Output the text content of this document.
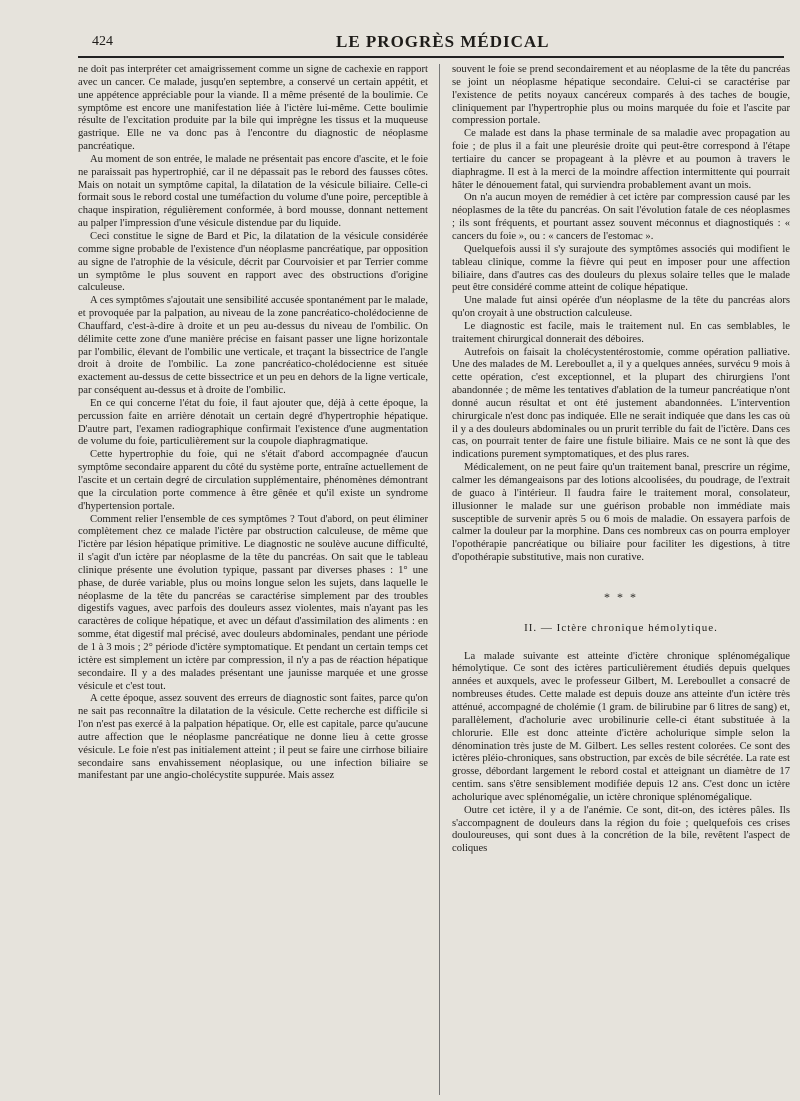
424	LE PROGRÈS MÉDICAL

ne doit pas interpréter cet amaigrissement comme un signe de cachexie en rapport avec un cancer. Ce malade, jusqu'en septembre, a conservé un certain appétit, et une appétence appréciable pour la viande. Il a même présenté de la boulimie. Ce symptôme est encore une manifestation liée à l'ictère lui-même. Cette boulimie résulte de l'excitation produite par la bile qui imprègne les tissus et la muqueuse gastrique. Elle ne va donc pas à l'encontre du diagnostic de néoplasme pancréatique.

Au moment de son entrée, le malade ne présentait pas encore d'ascite, et le foie ne paraissait pas hypertrophié, car il ne dépassait pas le rebord des fausses côtes. Mais on notait un symptôme capital, la dilatation de la vésicule biliaire. Celle-ci formait sous le rebord costal une tuméfaction du volume d'une poire, perceptible à chaque inspiration, régulièrement conformée, à bord mousse, donnant nettement au palper l'impression d'une vésicule distendue par du liquide.

Ceci constitue le signe de Bard et Pic, la dilatation de la vésicule considérée comme signe probable de l'existence d'un néoplasme pancréatique, par opposition au signe de l'atrophie de la vésicule, décrit par Courvoisier et par Terrier comme un symptôme le plus souvent en rapport avec des obstructions d'origine calculeuse.

A ces symptômes s'ajoutait une sensibilité accusée spontanément par le malade, et provoquée par la palpation, au niveau de la zone pancréatico-cholédocienne de Chauffard, c'est-à-dire à droite et un peu au-dessus du niveau de l'ombilic. On délimite cette zone d'une manière précise en faisant passer une ligne horizontale par l'ombilic, élevant de l'ombilic une verticale, et traçant la bissectrice de l'angle droit à droite de l'ombilic. La zone pancréatico-cholédocienne est située exactement au-dessus de cette bissectrice et un peu en dehors de la ligne verticale, par conséquent au-dessus et à droite de l'ombilic.

En ce qui concerne l'état du foie, il faut ajouter que, déjà à cette époque, la percussion faite en arrière dénotait un certain degré d'hypertrophie hépatique. D'autre part, l'examen radiographique confirmait l'existence d'une augmentation de volume du foie, particulièrement sur la coupole diaphragmatique.

Cette hypertrophie du foie, qui ne s'était d'abord accompagnée d'aucun symptôme secondaire apparent du côté du système porte, entraîne actuellement de l'ascite et un certain degré de circulation supplémentaire, phénomènes démontrant que la circulation porte commence à être gênée et qu'il existe un syndrome d'hypertension portale.

Comment relier l'ensemble de ces symptômes ? Tout d'abord, on peut éliminer complètement chez ce malade l'ictère par obstruction calculeuse, de même que l'ictère par lésion hépatique primitive. Le diagnostic ne soulève aucune difficulté, il s'agit d'un ictère par néoplasme de la tête du pancréas. On sait que le tableau clinique présente une évolution typique, passant par diverses phases : 1° une phase, de durée variable, plus ou moins longue selon les sujets, dans laquelle le néoplasme de la tête du pancréas se caractérise simplement par des troubles digestifs vagues, avec parfois des douleurs assez violentes, mais n'ayant pas les caractères de colique hépatique, et avec un défaut d'assimilation des aliments : en somme, état digestif mal précisé, avec douleurs abdominales, pendant une période de 1 à 3 mois ; 2° période d'ictère symptomatique. Et pendant un certain temps cet ictère est simplement un ictère par compression, il n'y a pas de réaction hépatique secondaire. Il y a des malades présentant une jaunisse marquée et une grosse vésicule et c'est tout.

A cette époque, assez souvent des erreurs de diagnostic sont faites, parce qu'on ne sait pas reconnaître la dilatation de la vésicule. Cette recherche est difficile si l'on n'est pas exercé à la palpation hépatique. Or, elle est capitale, parce qu'aucune autre affection que le néoplasme pancréatique ne donne lieu à cette grosse vésicule. Le foie n'est pas initialement atteint ; il peut se faire une cirrhose biliaire secondaire sans envahissement néoplasique, ou une infection biliaire se manifestant par une angio-cholécystite suppurée. Mais assez

souvent le foie se prend secondairement et au néoplasme de la tête du pancréas se joint un néoplasme hépatique secondaire. Celui-ci se caractérise par l'existence de petits noyaux cancéreux comparés à des taches de bougie, cliniquement par l'hypertrophie plus ou moins marquée du foie et l'ascite par compression portale.

Ce malade est dans la phase terminale de sa maladie avec propagation au foie ; de plus il a fait une pleurésie droite qui peut-être correspond à l'étape tertiaire du cancer se propageant à la plèvre et au poumon à travers le diaphragme. Il est à la merci de la moindre affection intermittente qui pourrait hâter le dénouement fatal, qui surviendra probablement avant un mois.

On n'a aucun moyen de remédier à cet ictère par compression causé par les néoplasmes de la tête du pancréas. On sait l'évolution fatale de ces néoplasmes ; ils sont fréquents, et pourtant assez souvent méconnus et diagnostiqués : « cancers du foie », ou : « cancers de l'estomac ».

Quelquefois aussi il s'y surajoute des symptômes associés qui modifient le tableau clinique, comme la fièvre qui peut en imposer pour une affection biliaire, dans d'autres cas des douleurs du plexus solaire telles que le malade peut être considéré comme atteint de colique hépatique.

Une malade fut ainsi opérée d'un néoplasme de la tête du pancréas alors qu'on croyait à une obstruction calculeuse.

Le diagnostic est facile, mais le traitement nul. En cas semblables, le traitement chirurgical donnerait des déboires.

Autrefois on faisait la cholécystentérostomie, comme opération palliative. Une des malades de M. Lereboullet a, il y a quelques années, survécu 9 mois à cette opération, c'est exceptionnel, et la plupart des chirurgiens l'ont abandonnée ; de même les tentatives d'ablation de la tumeur pancréatique n'ont donné aucun résultat et ont été justement abandonnées. L'intervention chirurgicale n'est donc pas indiquée. Elle ne serait indiquée que dans les cas où il y a des douleurs abdominales ou un prurit terrible du fait de l'ictère. Dans ces cas, on pourrait tenter de faire une fistule biliaire. Mais ce ne sont là que des indications purement symptomatiques, et des plus rares.

Médicalement, on ne peut faire qu'un traitement banal, prescrire un régime, calmer les démangeaisons par des lotions alcoolisées, du poudrage, de l'extrait de guaco à l'intérieur. Il faudra faire le traitement moral, consolateur, illusionner le malade sur une guérison probable non immédiate mais susceptible de survenir après 5 ou 6 mois de maladie. On essayera parfois de calmer la douleur par la morphine. Dans ces nombreux cas on pourra employer l'opothérapie pancréatique ou biliaire pour faciliter les digestions, à titre d'opothérapie substitutive, mais non curative.

* * *
II. — Ictère chronique hémolytique.

La malade suivante est atteinte d'ictère chronique splénomégalique hémolytique. Ce sont des ictères particulièrement étudiés depuis quelques années et auxquels, avec le professeur Gilbert, M. Lereboullet a consacré de nombreuses études. Cette malade est depuis douze ans atteinte d'un ictère très atténué, accompagné de cholémie (1 gram. de bilirubine par 6 litres de sang) et, parallèlement, d'acholurie avec urobilinurie celle-ci étant substituée à la chlorurie. Elle est donc atteinte d'ictère acholurique simple selon la dénomination très juste de M. Gilbert. Les selles restent colorées. Ce sont des ictères pléio-chroniques, sans obstruction, par excès de bile sécrétée. La rate est grosse, débordant largement le rebord costal et atteignant un diamètre de 17 centim. sans s'être sensiblement modifiée depuis 12 ans. C'est donc un ictère acholurique avec splénomégalie, un ictère chronique splénomégalique.

Outre cet ictère, il y a de l'anémie. Ce sont, dit-on, des ictères pâles. Ils s'accompagnent de douleurs dans la région du foie ; quelquefois ces crises douloureuses, qui sont dues à la concrétion de la bile, revêtent l'aspect de coliques
